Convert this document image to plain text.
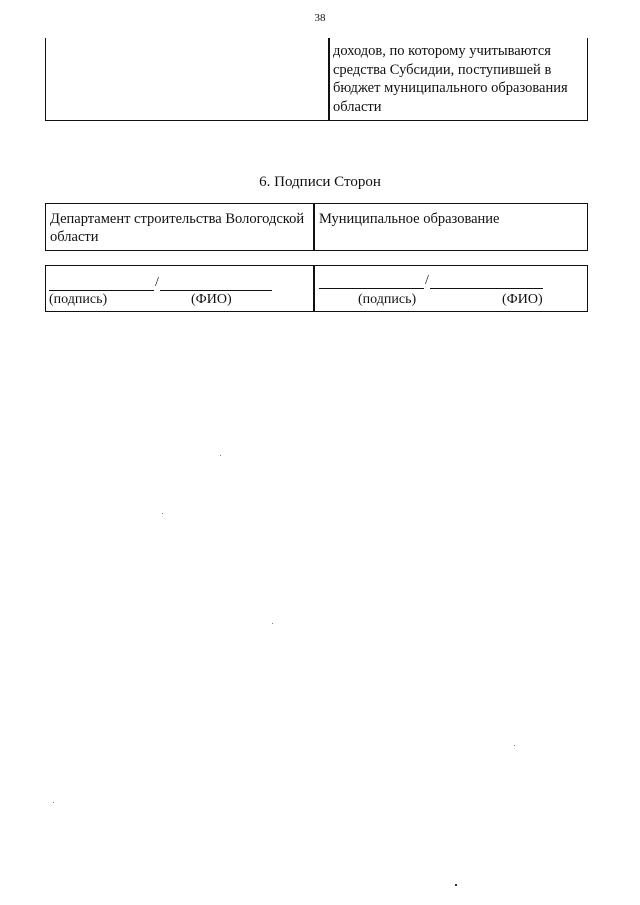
38
доходов, по которому учитываются средства Субсидии, поступившей в бюджет муниципального образования области
6. Подписи Сторон
Департамент строительства Вологодской области
Муниципальное образование
/
(подпись)	(ФИО)
/
(подпись)	(ФИО)
